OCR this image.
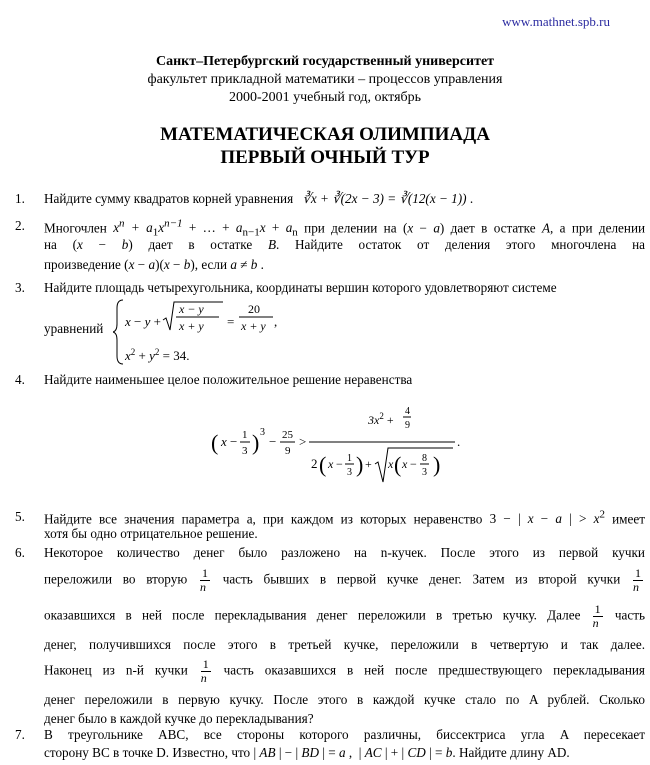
www.mathnet.spb.ru
Санкт–Петербургский государственный университет
факультет прикладной математики – процессов управления
2000-2001 учебный год, октябрь
МАТЕМАТИЧЕСКАЯ ОЛИМПИАДА
ПЕРВЫЙ ОЧНЫЙ ТУР
1. Найдите сумму квадратов корней уравнения ∛x + ∛(2x − 3) = ∛(12(x − 1)) .
2. Многочлен $x^n + a_1x^{n-1}$ + … + $a_{n-1}x + a_n$ при делении на (x − a) дает в остатке A, а при делении
на (x − b) дает в остатке B. Найдите остаток от деления этого многочлена на
произведение (x − a)(x − b), если a ≠ b .
3. Найдите площадь четырехугольника, координаты вершин которого удовлетворяют системе
уравнений	x − y +
x − y
x + y =
20
x + y ,
$x^2 + y^2 = 34$.
4. Найдите наименьшее целое положительное решение неравенства
( x − 1
3 ) 3
− 25
9
>
$3x^2$ +
4
9
2 ( x − 1
3 ) + x ( x − 8
3 )
.
5. Найдите все значения параметра a, при каждом из которых неравенство 3 − | x − a | > $x^2$ имеет
хотя бы одно отрицательное решение.
6. Некоторое количество денег было разложено на n-кучек. После этого из первой кучки
переложили во вторую $\frac{1}{n}$ часть бывших в первой кучке денег. Затем из второй кучки $\frac{1}{n}$
оказавшихся в ней после перекладывания денег переложили в третью кучку. Далее $\frac{1}{n}$ часть
денег, получившихся после этого в третьей кучке, переложили в четвертую и так далее.
Наконец из n-й кучки $\frac{1}{n}$ часть оказавшихся в ней после предшествующего перекладывания
денег переложили в первую кучку. После этого в каждой кучке стало по A рублей. Сколько
денег было в каждой кучке до перекладывания?
7. В треугольнике ABC, все стороны которого различны, биссектриса угла A пересекает
сторону BC в точке D. Известно, что | AB | − | BD | = a ,  | AC | + | CD | = b. Найдите длину AD.
